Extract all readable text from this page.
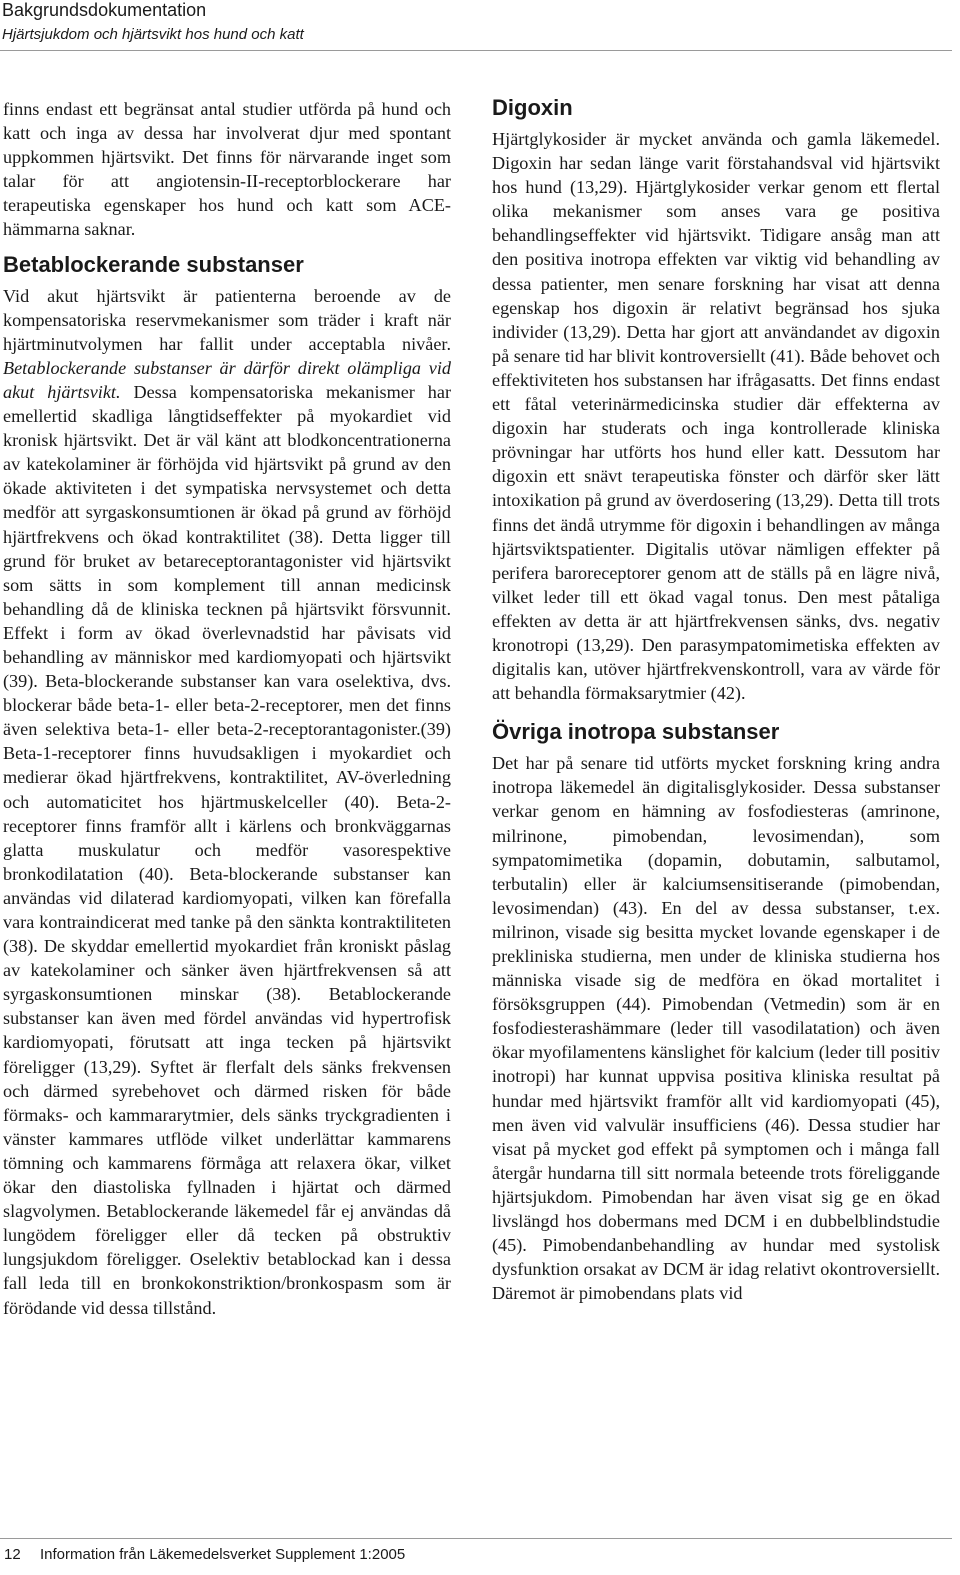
Bakgrundsdokumentation
Hjärtsjukdom och hjärtsvikt hos hund och katt

finns endast ett begränsat antal studier utförda på hund och katt och inga av dessa har involverat djur med spontant uppkommen hjärtsvikt. Det finns för närvarande inget som talar för att angiotensin-II-receptorblockerare har terapeutiska egenskaper hos hund och katt som ACE-hämmarna saknar.

Betablockerande substanser

Vid akut hjärtsvikt är patienterna beroende av de kompensatoriska reservmekanismer som träder i kraft när hjärtminutvolymen har fallit under acceptabla nivåer. Betablockerande substanser är därför direkt olämpliga vid akut hjärtsvikt. Dessa kompensatoriska mekanismer har emellertid skadliga långtidseffekter på myokardiet vid kronisk hjärtsvikt. Det är väl känt att blodkoncentrationerna av katekolaminer är förhöjda vid hjärtsvikt på grund av den ökade aktiviteten i det sympatiska nervsystemet och detta medför att syrgaskonsumtionen är ökad på grund av förhöjd hjärtfrekvens och ökad kontraktilitet (38). Detta ligger till grund för bruket av betareceptorantagonister vid hjärtsvikt som sätts in som komplement till annan medicinsk behandling då de kliniska tecknen på hjärtsvikt försvunnit. Effekt i form av ökad överlevnadstid har påvisats vid behandling av människor med kardiomyopati och hjärtsvikt (39). Beta-blockerande substanser kan vara oselektiva, dvs. blockerar både beta-1- eller beta-2-receptorer, men det finns även selektiva beta-1- eller beta-2-receptorantagonister.(39) Beta-1-receptorer finns huvudsakligen i myokardiet och medierar ökad hjärtfrekvens, kontraktilitet, AV-överledning och automaticitet hos hjärtmuskelceller (40). Beta-2-receptorer finns framför allt i kärlens och bronkväggarnas glatta muskulatur och medför vasorespektive bronkodilatation (40). Beta-blockerande substanser kan användas vid dilaterad kardiomyopati, vilken kan förefalla vara kontraindicerat med tanke på den sänkta kontraktiliteten (38). De skyddar emellertid myokardiet från kroniskt påslag av katekolaminer och sänker även hjärtfrekvensen så att syrgaskonsumtionen minskar (38). Betablockerande substanser kan även med fördel användas vid hypertrofisk kardiomyopati, förutsatt att inga tecken på hjärtsvikt föreligger (13,29). Syftet är flerfalt dels sänks frekvensen och därmed syrebehovet och därmed risken för både förmaks- och kammararytmier, dels sänks tryckgradienten i vänster kammares utflöde vilket underlättar kammarens tömning och kammarens förmåga att relaxera ökar, vilket ökar den diastoliska fyllnaden i hjärtat och därmed slagvolymen. Betablockerande läkemedel får ej användas då lungödem föreligger eller då tecken på obstruktiv lungsjukdom föreligger. Oselektiv betablockad kan i dessa fall leda till en bronkokonstriktion/bronkospasm som är förödande vid dessa tillstånd.

Digoxin

Hjärtglykosider är mycket använda och gamla läkemedel. Digoxin har sedan länge varit förstahandsval vid hjärtsvikt hos hund (13,29). Hjärtglykosider verkar genom ett flertal olika mekanismer som anses vara ge positiva behandlingseffekter vid hjärtsvikt. Tidigare ansåg man att den positiva inotropa effekten var viktig vid behandling av dessa patienter, men senare forskning har visat att denna egenskap hos digoxin är relativt begränsad hos sjuka individer (13,29). Detta har gjort att användandet av digoxin på senare tid har blivit kontroversiellt (41). Både behovet och effektiviteten hos substansen har ifrågasatts. Det finns endast ett fåtal veterinärmedicinska studier där effekterna av digoxin har studerats och inga kontrollerade kliniska prövningar har utförts hos hund eller katt. Dessutom har digoxin ett snävt terapeutiska fönster och därför sker lätt intoxikation på grund av överdosering (13,29). Detta till trots finns det ändå utrymme för digoxin i behandlingen av många hjärtsviktspatienter. Digitalis utövar nämligen effekter på perifera baroreceptorer genom att de ställs på en lägre nivå, vilket leder till ett ökad vagal tonus. Den mest påtaliga effekten av detta är att hjärtfrekvensen sänks, dvs. negativ kronotropi (13,29). Den parasympatomimetiska effekten av digitalis kan, utöver hjärtfrekvenskontroll, vara av värde för att behandla förmaksarytmier (42).

Övriga inotropa substanser

Det har på senare tid utförts mycket forskning kring andra inotropa läkemedel än digitalisglykosider. Dessa substanser verkar genom en hämning av fosfodiesteras (amrinone, milrinone, pimobendan, levosimendan), som sympatomimetika (dopamin, dobutamin, salbutamol, terbutalin) eller är kalciumsensitiserande (pimobendan, levosimendan) (43). En del av dessa substanser, t.ex. milrinon, visade sig besitta mycket lovande egenskaper i de prekliniska studierna, men under de kliniska studierna hos människa visade sig de medföra en ökad mortalitet i försöksgruppen (44). Pimobendan (Vetmedin) som är en fosfodiesterashämmare (leder till vasodilatation) och även ökar myofilamentens känslighet för kalcium (leder till positiv inotropi) har kunnat uppvisa positiva kliniska resultat på hundar med hjärtsvikt framför allt vid kardiomyopati (45), men även vid valvulär insufficiens (46). Dessa studier har visat på mycket god effekt på symptomen och i många fall återgår hundarna till sitt normala beteende trots föreliggande hjärtsjukdom. Pimobendan har även visat sig ge en ökad livslängd hos dobermans med DCM i en dubbelblindstudie (45). Pimobendanbehandling av hundar med systolisk dysfunktion orsakat av DCM är idag relativt okontroversiellt. Däremot är pimobendans plats vid

12 Information från Läkemedelsverket Supplement 1:2005
